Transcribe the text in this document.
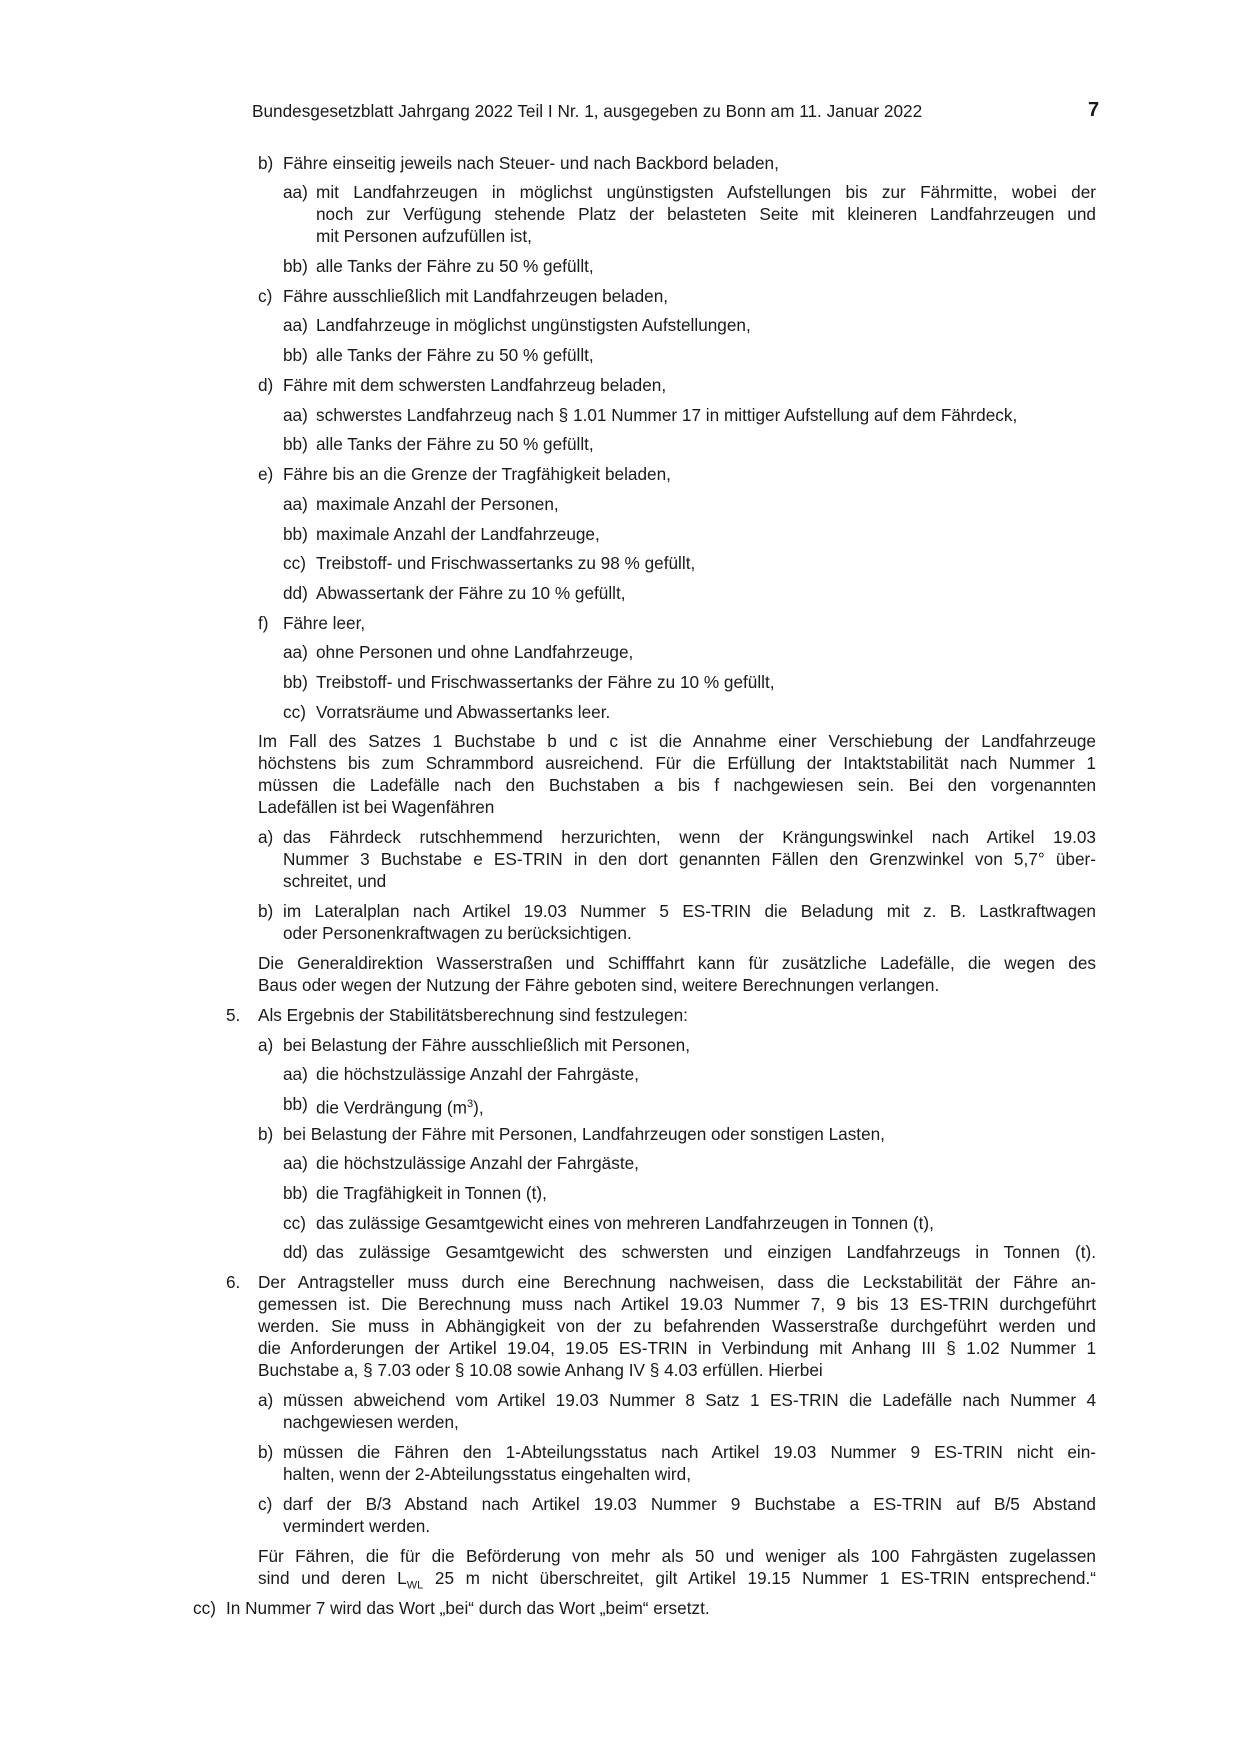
Bundesgesetzblatt Jahrgang 2022 Teil I Nr. 1, ausgegeben zu Bonn am 11. Januar 2022	7
b) Fähre einseitig jeweils nach Steuer- und nach Backbord beladen,
aa) mit Landfahrzeugen in möglichst ungünstigsten Aufstellungen bis zur Fährmitte, wobei der
noch zur Verfügung stehende Platz der belasteten Seite mit kleineren Landfahrzeugen und
mit Personen aufzufüllen ist,
bb) alle Tanks der Fähre zu 50 % gefüllt,
c) Fähre ausschließlich mit Landfahrzeugen beladen,
aa) Landfahrzeuge in möglichst ungünstigsten Aufstellungen,
bb) alle Tanks der Fähre zu 50 % gefüllt,
d) Fähre mit dem schwersten Landfahrzeug beladen,
aa) schwerstes Landfahrzeug nach § 1.01 Nummer 17 in mittiger Aufstellung auf dem Fährdeck,
bb) alle Tanks der Fähre zu 50 % gefüllt,
e) Fähre bis an die Grenze der Tragfähigkeit beladen,
aa) maximale Anzahl der Personen,
bb) maximale Anzahl der Landfahrzeuge,
cc) Treibstoff- und Frischwassertanks zu 98 % gefüllt,
dd) Abwassertank der Fähre zu 10 % gefüllt,
f) Fähre leer,
aa) ohne Personen und ohne Landfahrzeuge,
bb) Treibstoff- und Frischwassertanks der Fähre zu 10 % gefüllt,
cc) Vorratsräume und Abwassertanks leer.
Im Fall des Satzes 1 Buchstabe b und c ist die Annahme einer Verschiebung der Landfahrzeuge
höchstens bis zum Schrammbord ausreichend. Für die Erfüllung der Intaktstabilität nach Nummer 1
müssen die Ladefälle nach den Buchstaben a bis f nachgewiesen sein. Bei den vorgenannten
Ladefällen ist bei Wagenfähren
a) das Fährdeck rutschhemmend herzurichten, wenn der Krängungswinkel nach Artikel 19.03
Nummer 3 Buchstabe e ES-TRIN in den dort genannten Fällen den Grenzwinkel von 5,7° über-
schreitet, und
b) im Lateralplan nach Artikel 19.03 Nummer 5 ES-TRIN die Beladung mit z. B. Lastkraftwagen
oder Personenkraftwagen zu berücksichtigen.
Die Generaldirektion Wasserstraßen und Schifffahrt kann für zusätzliche Ladefälle, die wegen des
Baus oder wegen der Nutzung der Fähre geboten sind, weitere Berechnungen verlangen.
5. Als Ergebnis der Stabilitätsberechnung sind festzulegen:
a) bei Belastung der Fähre ausschließlich mit Personen,
aa) die höchstzulässige Anzahl der Fahrgäste,
bb) die Verdrängung $(m^3)$,
b) bei Belastung der Fähre mit Personen, Landfahrzeugen oder sonstigen Lasten,
aa) die höchstzulässige Anzahl der Fahrgäste,
bb) die Tragfähigkeit in Tonnen (t),
cc) das zulässige Gesamtgewicht eines von mehreren Landfahrzeugen in Tonnen (t),
dd) das zulässige Gesamtgewicht des schwersten und einzigen Landfahrzeugs in Tonnen (t).
6. Der Antragsteller muss durch eine Berechnung nachweisen, dass die Leckstabilität der Fähre an-
gemessen ist. Die Berechnung muss nach Artikel 19.03 Nummer 7, 9 bis 13 ES-TRIN durchgeführt
werden. Sie muss in Abhängigkeit von der zu befahrenden Wasserstraße durchgeführt werden und
die Anforderungen der Artikel 19.04, 19.05 ES-TRIN in Verbindung mit Anhang III § 1.02 Nummer 1
Buchstabe a, § 7.03 oder § 10.08 sowie Anhang IV § 4.03 erfüllen. Hierbei
a) müssen abweichend vom Artikel 19.03 Nummer 8 Satz 1 ES-TRIN die Ladefälle nach Nummer 4
nachgewiesen werden,
b) müssen die Fähren den 1-Abteilungsstatus nach Artikel 19.03 Nummer 9 ES-TRIN nicht ein-
halten, wenn der 2-Abteilungsstatus eingehalten wird,
c) darf der B/3 Abstand nach Artikel 19.03 Nummer 9 Buchstabe a ES-TRIN auf B/5 Abstand
vermindert werden.
Für Fähren, die für die Beförderung von mehr als 50 und weniger als 100 Fahrgästen zugelassen
sind und deren $L_{WL}$ 25 m nicht überschreitet, gilt Artikel 19.15 Nummer 1 ES-TRIN entsprechend.“
cc) In Nummer 7 wird das Wort „bei“ durch das Wort „beim“ ersetzt.
